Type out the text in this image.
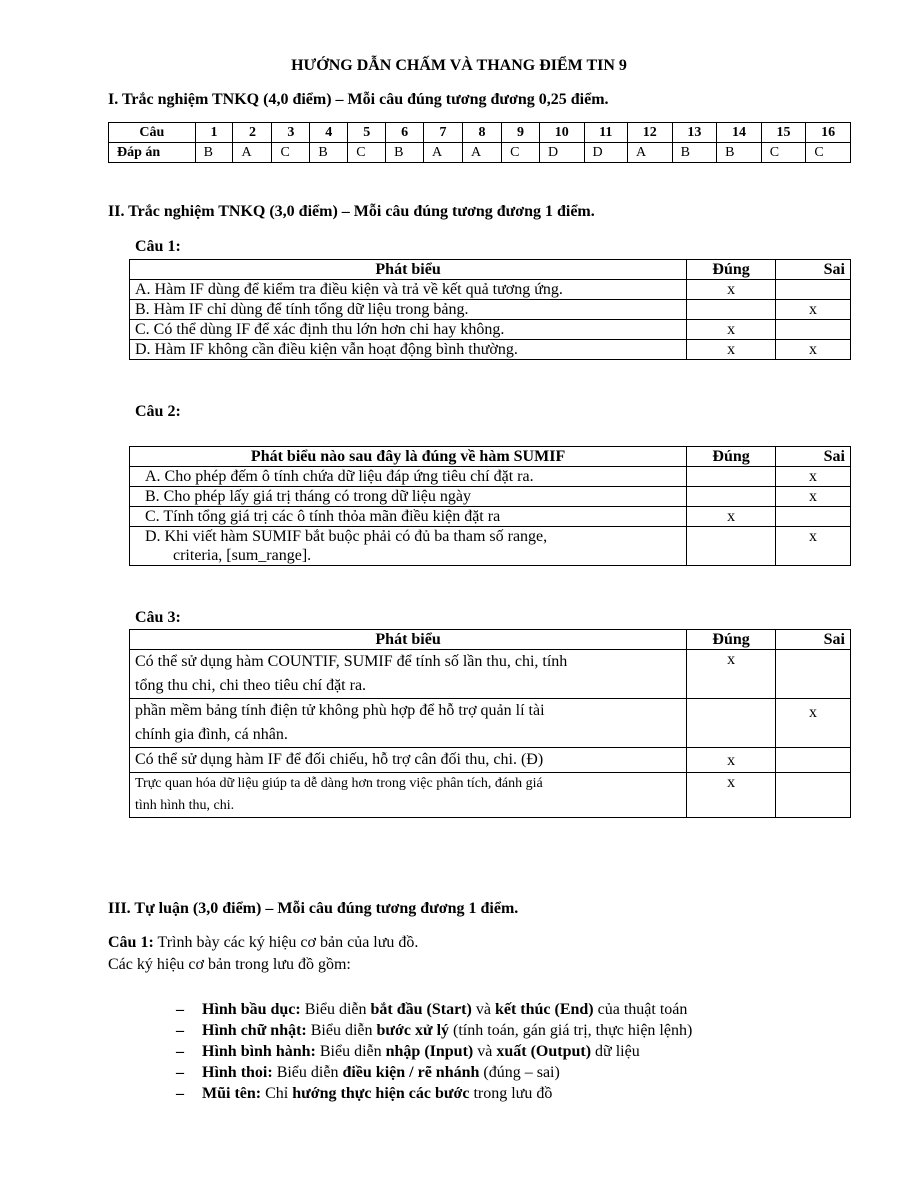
HƯỚNG DẪN CHẤM VÀ THANG ĐIỂM TIN 9
I. Trắc nghiệm TNKQ (4,0 điểm) – Mỗi câu đúng tương đương 0,25 điểm.
Câu	1	2	3	4	5	6	7	8	9	10	11	12	13	14	15	16
Đáp án	B	A	C	B	C	B	A	A	C	D	D	A	B	B	C	C
II. Trắc nghiệm TNKQ (3,0 điểm) – Mỗi câu đúng tương đương 1 điểm.
Câu 1:
Phát biểu	Đúng	Sai
A. Hàm IF dùng để kiểm tra điều kiện và trả về kết quả tương ứng.	x	
B. Hàm IF chỉ dùng để tính tổng dữ liệu trong bảng.		x
C. Có thể dùng IF để xác định thu lớn hơn chi hay không.	x	
D. Hàm IF không cần điều kiện vẫn hoạt động bình thường.	x	x
Câu 2:
Phát biểu nào sau đây là đúng về hàm SUMIF	Đúng	Sai
A. Cho phép đếm ô tính chứa dữ liệu đáp ứng tiêu chí đặt ra.		x
B. Cho phép lấy giá trị tháng có trong dữ liệu ngày		x
C. Tính tổng giá trị các ô tính thỏa mãn điều kiện đặt ra	x	

D. Khi viết hàm SUMIF bắt buộc phải có đủ ba tham số range,
criteria, [sum_range].		x
Câu 3:
Phát biểu	Đúng	Sai

Có thể sử dụng hàm COUNTIF, SUMIF để tính số lần thu, chi, tính
tổng thu chi, chi theo tiêu chí đặt ra.	x	

phần mềm bảng tính điện tử không phù hợp để hỗ trợ quản lí tài
chính gia đình, cá nhân.		x
Có thể sử dụng hàm IF để đối chiếu, hỗ trợ cân đối thu, chi. (Đ)	x	

Trực quan hóa dữ liệu giúp ta dễ dàng hơn trong việc phân tích, đánh giá
tình hình thu, chi.	x	
III. Tự luận (3,0 điểm) – Mỗi câu đúng tương đương 1 điểm.
Câu 1: Trình bày các ký hiệu cơ bản của lưu đồ.
Các ký hiệu cơ bản trong lưu đồ gồm:
– Hình bầu dục: Biểu diễn bắt đầu (Start) và kết thúc (End) của thuật toán
– Hình chữ nhật: Biểu diễn bước xử lý (tính toán, gán giá trị, thực hiện lệnh)
– Hình bình hành: Biểu diễn nhập (Input) và xuất (Output) dữ liệu
– Hình thoi: Biểu diễn điều kiện / rẽ nhánh (đúng – sai)
– Mũi tên: Chỉ hướng thực hiện các bước trong lưu đồ
